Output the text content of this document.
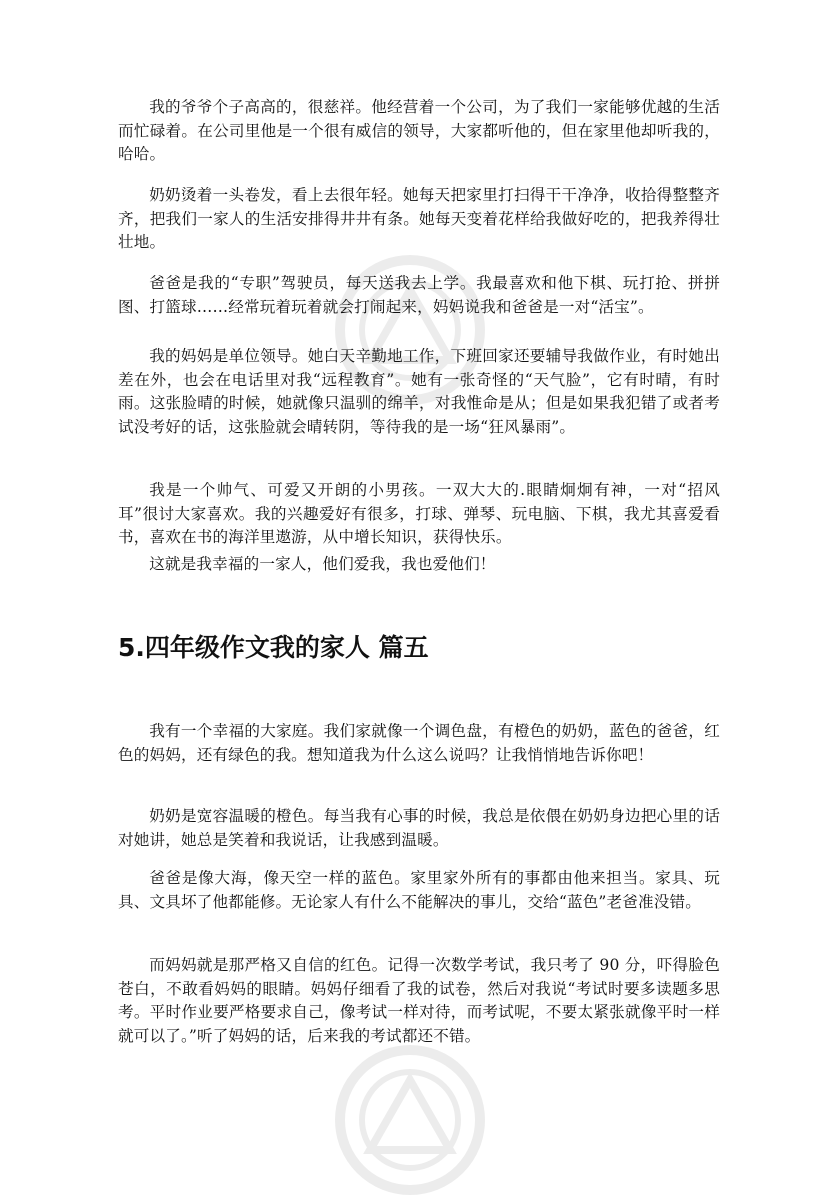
我的爷爷个子高高的，很慈祥。他经营着一个公司，为了我们一家能够优越的生活而忙碌着。在公司里他是一个很有威信的领导，大家都听他的，但在家里他却听我的，哈哈。

奶奶烫着一头卷发，看上去很年轻。她每天把家里打扫得干干净净，收拾得整整齐齐，把我们一家人的生活安排得井井有条。她每天变着花样给我做好吃的，把我养得壮壮地。

爸爸是我的“专职”驾驶员，每天送我去上学。我最喜欢和他下棋、玩打抢、拼拼图、打篮球……经常玩着玩着就会打闹起来，妈妈说我和爸爸是一对“活宝”。

我的妈妈是单位领导。她白天辛勤地工作，下班回家还要辅导我做作业，有时她出差在外，也会在电话里对我“远程教育”。她有一张奇怪的“天气脸”，它有时晴，有时雨。这张脸晴的时候，她就像只温驯的绵羊，对我惟命是从；但是如果我犯错了或者考试没考好的话，这张脸就会晴转阴，等待我的是一场“狂风暴雨”。

我是一个帅气、可爱又开朗的小男孩。一双大大的.眼睛炯炯有神，一对“招风耳”很讨大家喜欢。我的兴趣爱好有很多，打球、弹琴、玩电脑、下棋，我尤其喜爱看书，喜欢在书的海洋里遨游，从中增长知识，获得快乐。

这就是我幸福的一家人，他们爱我，我也爱他们！

5.四年级作文我的家人 篇五

我有一个幸福的大家庭。我们家就像一个调色盘，有橙色的奶奶，蓝色的爸爸，红色的妈妈，还有绿色的我。想知道我为什么这么说吗？让我悄悄地告诉你吧！

奶奶是宽容温暖的橙色。每当我有心事的时候，我总是依偎在奶奶身边把心里的话对她讲，她总是笑着和我说话，让我感到温暖。

爸爸是像大海，像天空一样的蓝色。家里家外所有的事都由他来担当。家具、玩具、文具坏了他都能修。无论家人有什么不能解决的事儿，交给“蓝色”老爸准没错。

而妈妈就是那严格又自信的红色。记得一次数学考试，我只考了 90 分，吓得脸色苍白，不敢看妈妈的眼睛。妈妈仔细看了我的试卷，然后对我说“考试时要多读题多思考。平时作业要严格要求自己，像考试一样对待，而考试呢，不要太紧张就像平时一样就可以了。”听了妈妈的话，后来我的考试都还不错。
